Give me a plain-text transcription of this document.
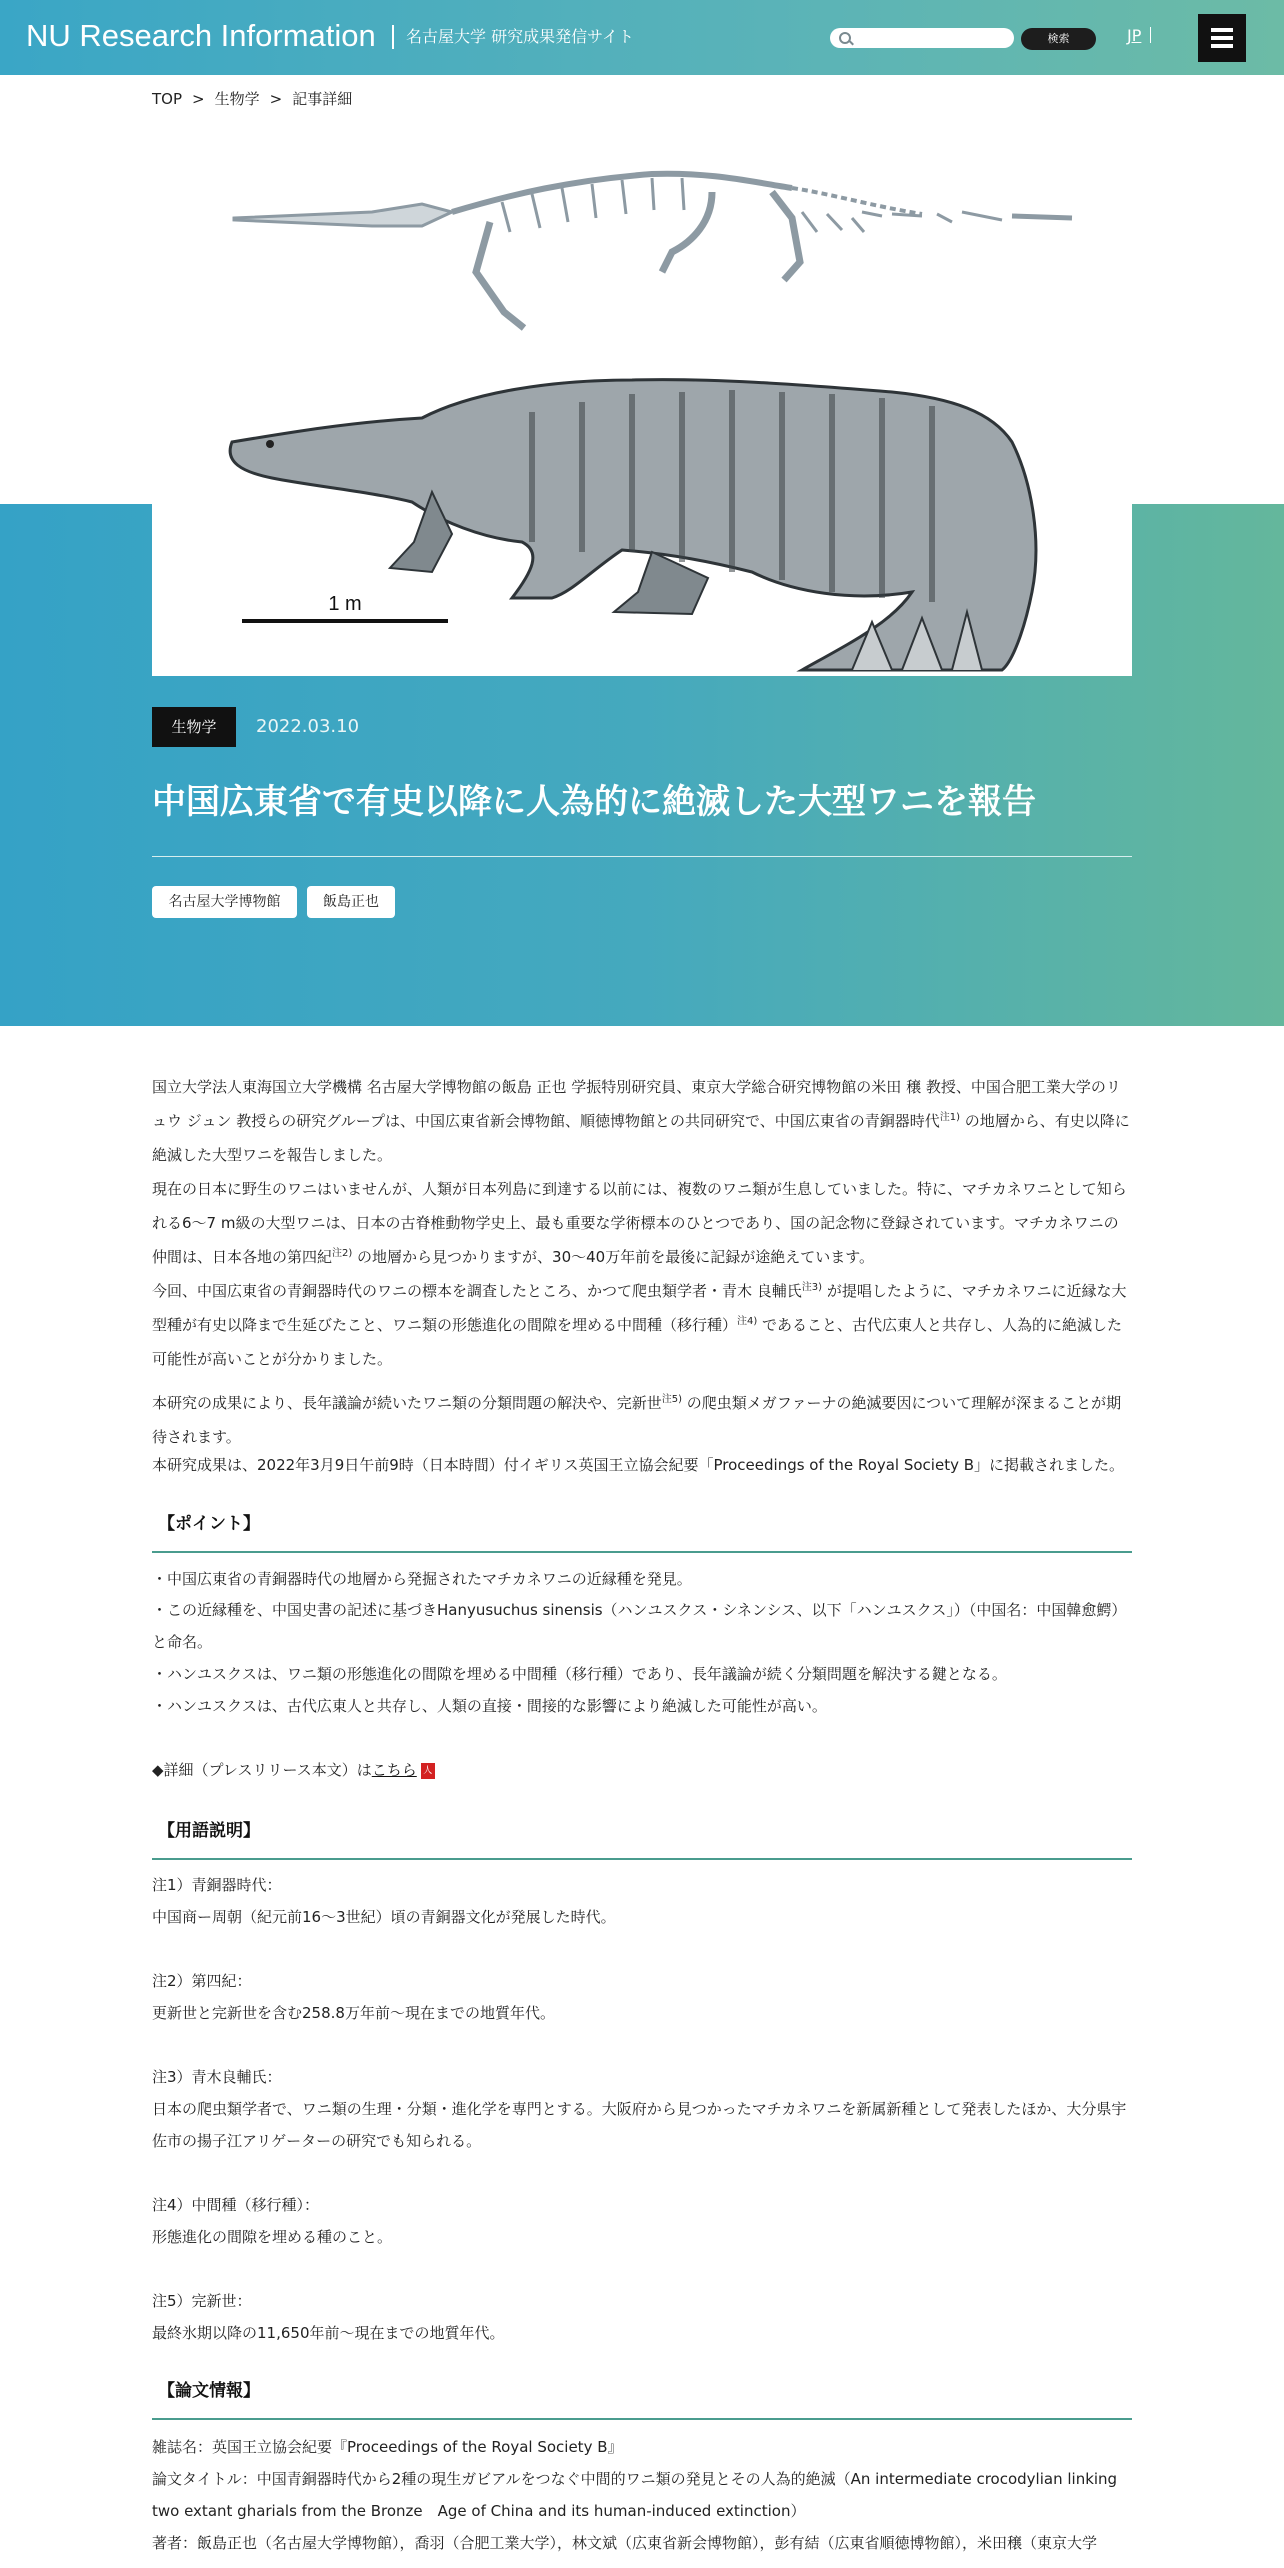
NU Research Information	名古屋大学 研究成果発信サイト	検索	JP
TOP > 生物学 > 記事詳細
1 m
生物学	2022.03.10
中国広東省で有史以降に人為的に絶滅した大型ワニを報告
名古屋大学博物館	飯島正也

国立大学法人東海国立大学機構 名古屋大学博物館の飯島 正也 学振特別研究員、東京大学総合研究博物館の米田 穣 教授、中国合肥工業大学のリュウ ジュン 教授らの研究グループは、中国広東省新会博物館、順徳博物館との共同研究で、中国広東省の青銅器時代$^{注1)}$ の地層から、有史以降に絶滅した大型ワニを報告しました。

現在の日本に野生のワニはいませんが、人類が日本列島に到達する以前には、複数のワニ類が生息していました。特に、マチカネワニとして知られる6〜7 m級の大型ワニは、日本の古脊椎動物学史上、最も重要な学術標本のひとつであり、国の記念物に登録されています。マチカネワニの仲間は、日本各地の第四紀$^{注2)}$ の地層から見つかりますが、30〜40万年前を最後に記録が途絶えています。

今回、中国広東省の青銅器時代のワニの標本を調査したところ、かつて爬虫類学者・青木 良輔氏$^{注3)}$ が提唱したように、マチカネワニに近縁な大型種が有史以降まで生延びたこと、ワニ類の形態進化の間隙を埋める中間種（移行種）$^{注4)}$ であること、古代広東人と共存し、人為的に絶滅した可能性が高いことが分かりました。

本研究の成果により、長年議論が続いたワニ類の分類問題の解決や、完新世$^{注5)}$ の爬虫類メガファーナの絶滅要因について理解が深まることが期待されます。

本研究成果は、2022年3月9日午前9時（日本時間）付イギリス英国王立協会紀要「Proceedings of the Royal Society B」に掲載されました。

【ポイント】
・中国広東省の青銅器時代の地層から発掘されたマチカネワニの近縁種を発見。
・この近縁種を、中国史書の記述に基づきHanyusuchus sinensis（ハンユスクス・シネンシス、以下「ハンユスクス」）（中国名：中国韓愈鰐）と命名。
・ハンユスクスは、ワニ類の形態進化の間隙を埋める中間種（移行種）であり、長年議論が続く分類問題を解決する鍵となる。
・ハンユスクスは、古代広東人と共存し、人類の直接・間接的な影響により絶滅した可能性が高い。
◆詳細（プレスリリース本文）はこちら 人
【用語説明】
注1）青銅器時代：
中国商ー周朝（紀元前16〜3世紀）頃の青銅器文化が発展した時代。
注2）第四紀：
更新世と完新世を含む258.8万年前〜現在までの地質年代。
注3）青木良輔氏：
日本の爬虫類学者で、ワニ類の生理・分類・進化学を専門とする。大阪府から見つかったマチカネワニを新属新種として発表したほか、大分県宇佐市の揚子江アリゲーターの研究でも知られる。
注4）中間種（移行種）：
形態進化の間隙を埋める種のこと。
注5）完新世：
最終氷期以降の11,650年前〜現在までの地質年代。
【論文情報】
雑誌名：英国王立協会紀要『Proceedings of the Royal Society B』
論文タイトル：中国青銅器時代から2種の現生ガビアルをつなぐ中間的ワニ類の発見とその人為的絶滅（An intermediate crocodylian linking two extant gharials from the Bronze　Age of China and its human-induced extinction）
著者：飯島正也（名古屋大学博物館），喬羽（合肥工業大学），林文斌（広東省新会博物館），彭有結（広東省順徳博物館），米田穣（東京大学
